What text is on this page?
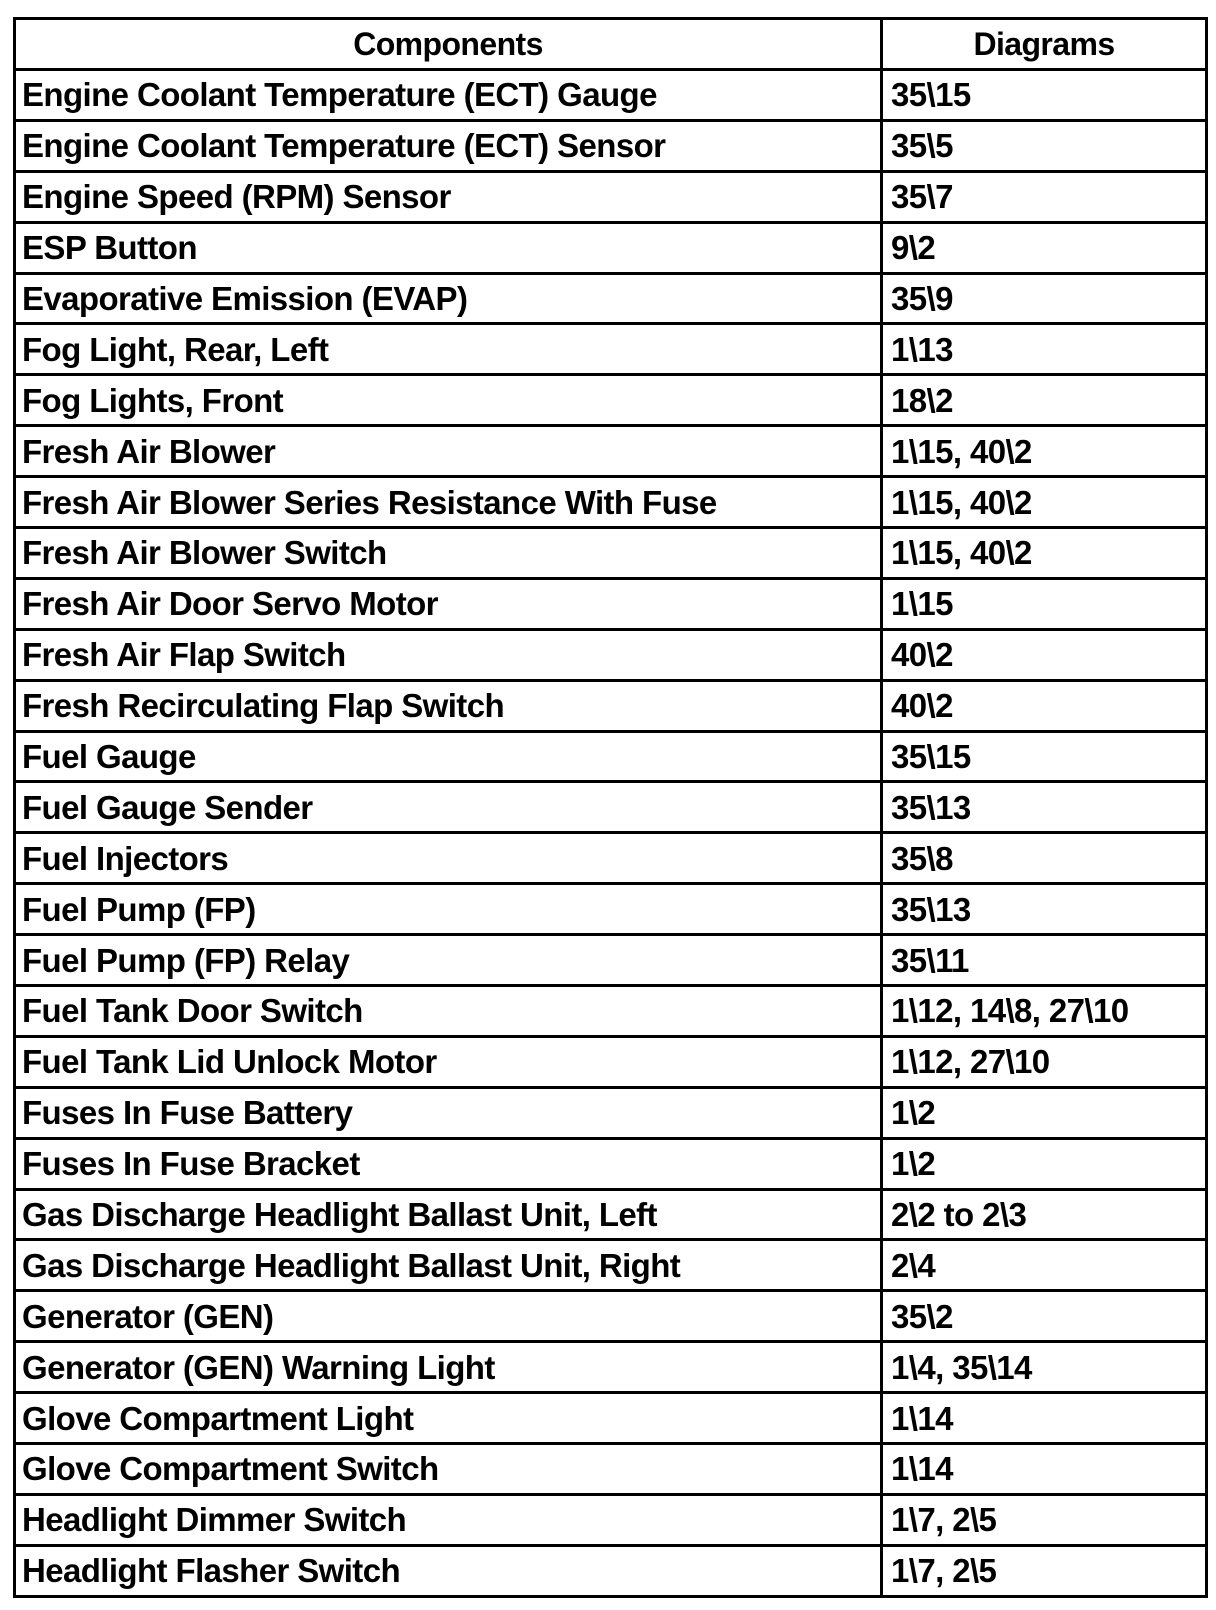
Components	Diagrams
Engine Coolant Temperature (ECT) Gauge	35\15
Engine Coolant Temperature (ECT) Sensor	35\5
Engine Speed (RPM) Sensor	35\7
ESP Button	9\2
Evaporative Emission (EVAP)	35\9
Fog Light, Rear, Left	1\13
Fog Lights, Front	18\2
Fresh Air Blower	1\15, 40\2
Fresh Air Blower Series Resistance With Fuse	1\15, 40\2
Fresh Air Blower Switch	1\15, 40\2
Fresh Air Door Servo Motor	1\15
Fresh Air Flap Switch	40\2
Fresh Recirculating Flap Switch	40\2
Fuel Gauge	35\15
Fuel Gauge Sender	35\13
Fuel Injectors	35\8
Fuel Pump (FP)	35\13
Fuel Pump (FP) Relay	35\11
Fuel Tank Door Switch	1\12, 14\8, 27\10
Fuel Tank Lid Unlock Motor	1\12, 27\10
Fuses In Fuse Battery	1\2
Fuses In Fuse Bracket	1\2
Gas Discharge Headlight Ballast Unit, Left	2\2 to 2\3
Gas Discharge Headlight Ballast Unit, Right	2\4
Generator (GEN)	35\2
Generator (GEN) Warning Light	1\4, 35\14
Glove Compartment Light	1\14
Glove Compartment Switch	1\14
Headlight Dimmer Switch	1\7, 2\5
Headlight Flasher Switch	1\7, 2\5
